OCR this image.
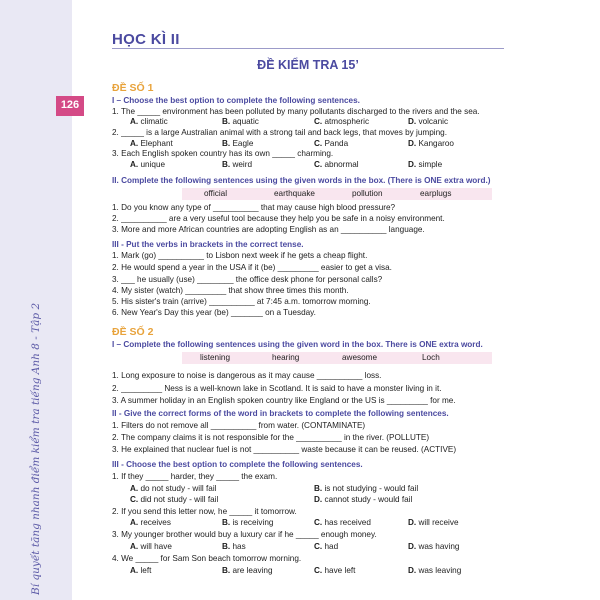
Bí quyết tăng nhanh điểm kiểm tra tiếng Anh 8 - Tập 2
126
HỌC KÌ II
ĐỀ KIỂM TRA 15’
ĐỀ SỐ 1
I – Choose the best option to complete the following sentences.
1. The _____ environment has been polluted by many pollutants discharged to the rivers and the sea.
A. climatic	B. aquatic	C. atmospheric	D. volcanic
2. _____ is a large Australian animal with a strong tail and back legs, that moves by jumping.
A. Elephant	B. Eagle	C. Panda	D. Kangaroo
3. Each English spoken country has its own _____ charming.
A. unique	B. weird	C. abnormal	D. simple
II. Complete the following sentences using the given words in the box. (There is ONE extra word.)
official	earthquake	pollution	earplugs
1. Do you know any type of __________ that may cause high blood pressure?
2. __________ are a very useful tool because they help you be safe in a noisy environment.
3. More and more African countries are adopting English as an __________ language.
III - Put the verbs in brackets in the correct tense.
1. Mark (go) __________ to Lisbon next week if he gets a cheap flight.
2. He would spend a year in the USA if it (be) _________ easier to get a visa.
3. ___ he usually (use) ________ the office desk phone for personal calls?
4. My sister (watch) _________ that show three times this month.
5. His sister's train (arrive) __________ at 7:45 a.m. tomorrow morning.
6. New Year's Day this year (be) _______ on a Tuesday.
ĐỀ SỐ 2
I – Complete the following sentences using the given word in the box. There is ONE extra word.
listening	hearing	awesome	Loch
1. Long exposure to noise is dangerous as it may cause __________ loss.
2. _________ Ness is a well-known lake in Scotland. It is said to have a monster living in it.
3. A summer holiday in an English spoken country like England or the US is _________ for me.
II - Give the correct forms of the word in brackets to complete the following sentences.
1. Filters do not remove all __________ from water. (CONTAMINATE)
2. The company claims it is not responsible for the __________ in the river. (POLLUTE)
3. He explained that nuclear fuel is not __________ waste because it can be reused. (ACTIVE)
III - Choose the best option to complete the following sentences.
1. If they _____ harder, they _____ the exam.
A. do not study - will fail	B. is not studying - would fail
C. did not study - will fail	D. cannot study - would fail
2. If you send this letter now, he _____ it tomorrow.
A. receives	B. is receiving	C. has received	D. will receive
3. My younger brother would buy a luxury car if he _____ enough money.
A. will have	B. has	C. had	D. was having
4. We _____ for Sam Son beach tomorrow morning.
A. left	B. are leaving	C. have left	D. was leaving
